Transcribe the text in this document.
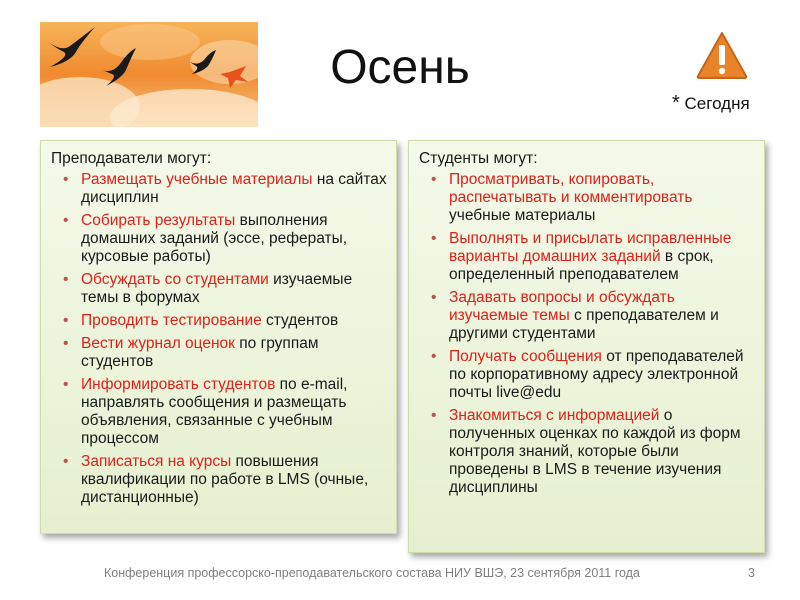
Осень
* Сегодня
Преподаватели могут:
• Размещать учебные материалы на сайтах дисциплин
• Собирать результаты выполнения домашних заданий (эссе, рефераты, курсовые работы)
• Обсуждать со студентами изучаемые темы в форумах
• Проводить тестирование студентов
• Вести журнал оценок по группам студентов
• Информировать студентов по e-mail, направлять сообщения и размещать объявления, связанные с учебным процессом
• Записаться на курсы повышения квалификации по работе в LMS (очные, дистанционные)
Студенты могут:
• Просматривать, копировать, распечатывать и комментировать учебные материалы
• Выполнять и присылать исправленные варианты домашних заданий в срок, определенный преподавателем
• Задавать вопросы и обсуждать изучаемые темы с преподавателем и другими студентами
• Получать сообщения от преподавателей по корпоративному адресу электронной почты live@edu
• Знакомиться с информацией о полученных оценках по каждой из форм контроля знаний, которые были проведены в LMS в течение изучения дисциплины
Конференция профессорско-преподавательского состава НИУ ВШЭ, 23 сентября 2011 года	3
